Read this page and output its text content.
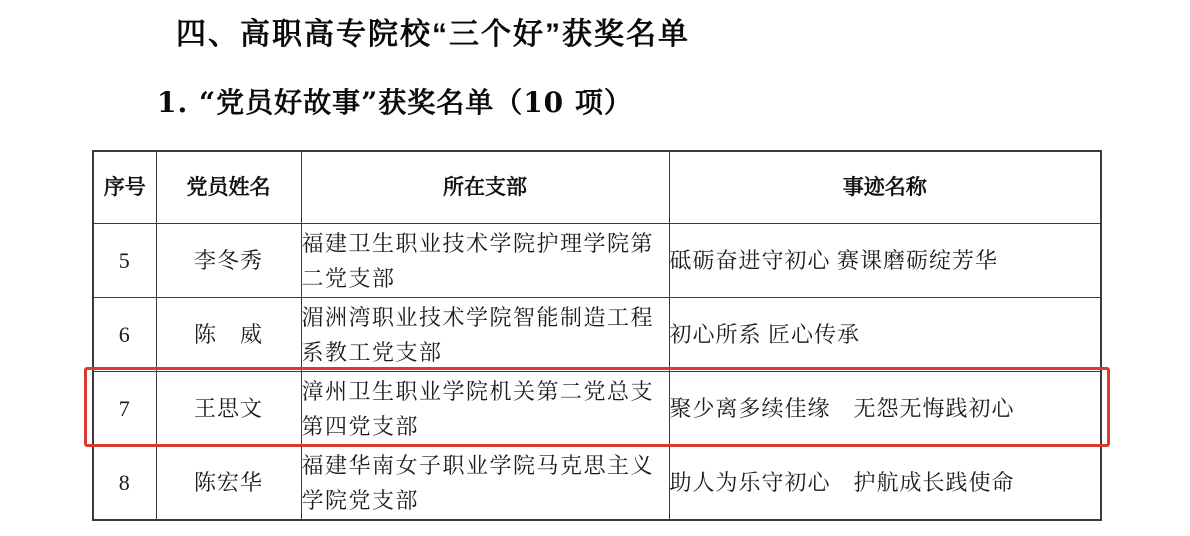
四、高职高专院校“三个好”获奖名单
1. “党员好故事”获奖名单（10 项）
序号	党员姓名	所在支部	事迹名称
5	李冬秀	福建卫生职业技术学院护理学院第二党支部	砥砺奋进守初心 赛课磨砺绽芳华
6	陈　威	湄洲湾职业技术学院智能制造工程系教工党支部	初心所系 匠心传承
7	王思文	漳州卫生职业学院机关第二党总支第四党支部	聚少离多续佳缘　无怨无悔践初心
8	陈宏华	福建华南女子职业学院马克思主义学院党支部	助人为乐守初心　护航成长践使命
